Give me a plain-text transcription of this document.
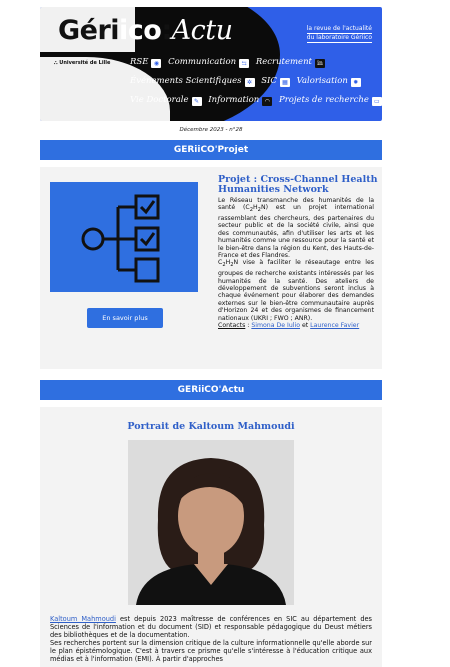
Gériico:Actu	la revue de l'actualité
du laboratoire Gériico
⛬ Université de Lille RSE ◉ Communication ⇆ Recrutement in
Événements Scientifiques ✲ SIC ▦ Valorisation ✹
Vie Doctorale ✎ Information ◠ Projets de recherche ▭
Décembre 2023 - n°28
GERiiCO'Projet
En savoir plus
Projet : Cross-Channel Health Humanities Network

Le Réseau transmanche des humanités de la santé $(C_2H_2N)$ est un projet international rassemblant des chercheurs, des partenaires du secteur public et de la société civile, ainsi que des communautés, afin d'utiliser les arts et les humanités comme une ressource pour la santé et le bien-être dans la région du Kent, des Hauts-de-France et des Flandres.

$C_2H_2N$ vise à faciliter le réseautage entre les groupes de recherche existants intéressés par les humanités de la santé. Des ateliers de développement de subventions seront inclus à chaque événement pour élaborer des demandes externes sur le bien-être communautaire auprès d'Horizon 24 et des organismes de financement nationaux (UKRI ; FWO ; ANR).

Contacts : Simona De Iulio et Laurence Favier

GERiiCO'Actu
Portrait de Kaltoum Mahmoudi

Kaltoum Mahmoudi est depuis 2023 maîtresse de conférences en SIC au département des Sciences de l'information et du document (SID) et responsable pédagogique du Deust métiers des bibliothèques et de la documentation.

Ses recherches portent sur la dimension critique de la culture informationnelle qu'elle aborde sur le plan épistémologique. C'est à travers ce prisme qu'elle s'intéresse à l'éducation critique aux médias et à l'information (EMI). À partir d'approches
